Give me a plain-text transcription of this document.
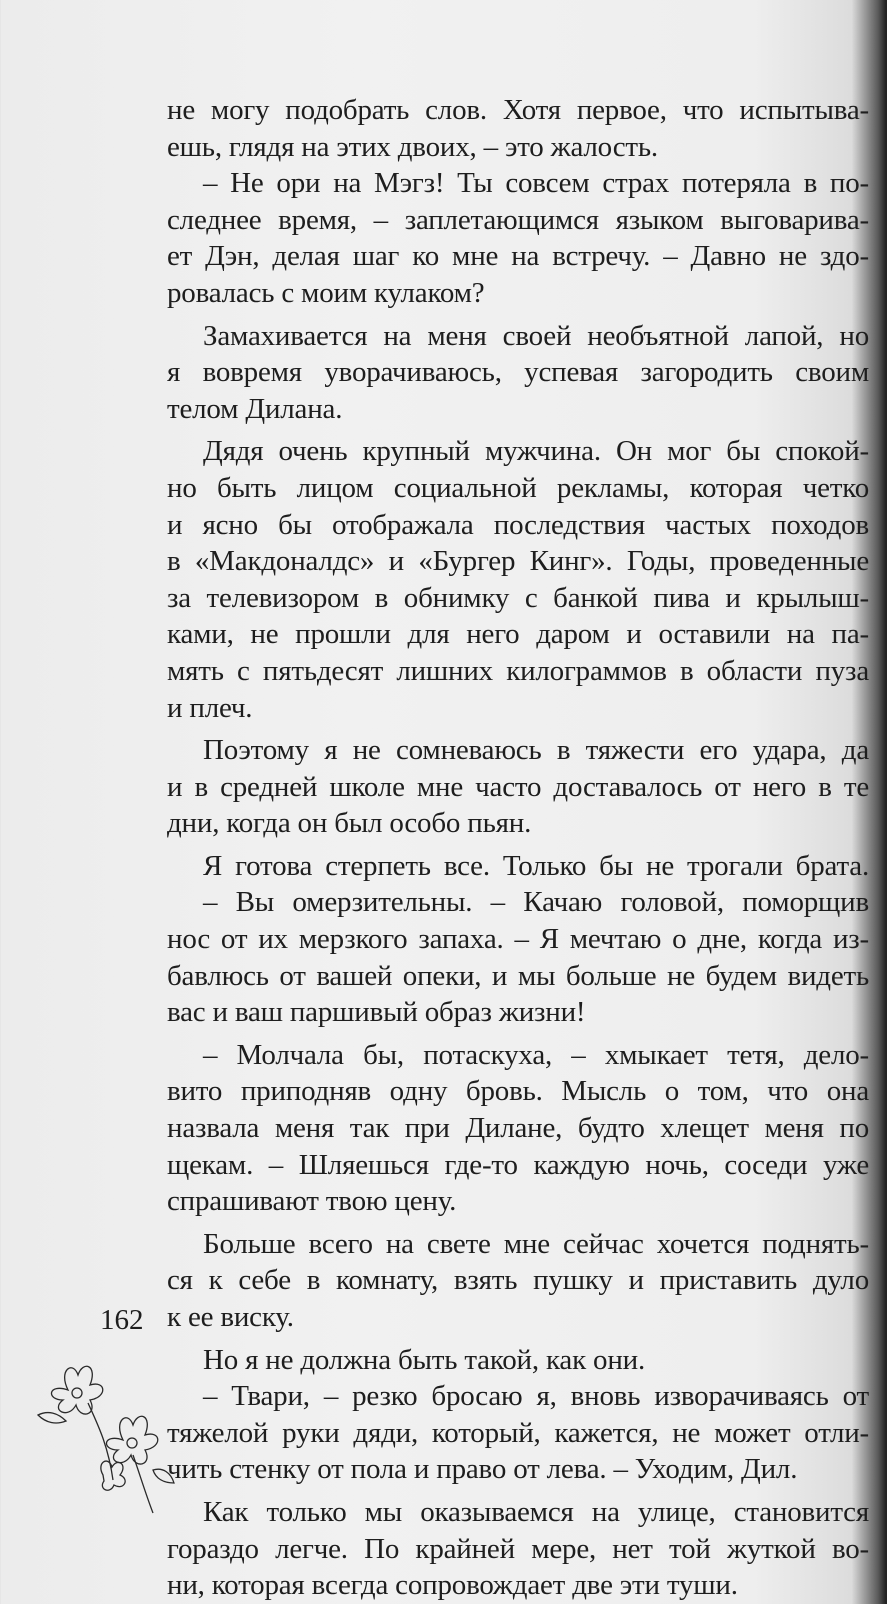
не могу подобрать слов. Хотя первое, что испытыва-
ешь, глядя на этих двоих, – это жалость.
– Не ори на Мэгз! Ты совсем страх потеряла в по-
следнее время, – заплетающимся языком выговарива-
ет Дэн, делая шаг ко мне на встречу. – Давно не здо-
ровалась с моим кулаком?
Замахивается на меня своей необъятной лапой, но
я вовремя уворачиваюсь, успевая загородить своим
телом Дилана.
Дядя очень крупный мужчина. Он мог бы спокой-
но быть лицом социальной рекламы, которая четко
и ясно бы отображала последствия частых походов
в «Макдоналдс» и «Бургер Кинг». Годы, проведенные
за телевизором в обнимку с банкой пива и крылыш-
ками, не прошли для него даром и оставили на па-
мять с пятьдесят лишних килограммов в области пуза
и плеч.
Поэтому я не сомневаюсь в тяжести его удара, да
и в средней школе мне часто доставалось от него в те
дни, когда он был особо пьян.
Я готова стерпеть все. Только бы не трогали брата.
– Вы омерзительны. – Качаю головой, поморщив
нос от их мерзкого запаха. – Я мечтаю о дне, когда из-
бавлюсь от вашей опеки, и мы больше не будем видеть
вас и ваш паршивый образ жизни!
– Молчала бы, потаскуха, – хмыкает тетя, дело-
вито приподняв одну бровь. Мысль о том, что она
назвала меня так при Дилане, будто хлещет меня по
щекам. – Шляешься где-то каждую ночь, соседи уже
спрашивают твою цену.
Больше всего на свете мне сейчас хочется поднять-
ся к себе в комнату, взять пушку и приставить дуло
к ее виску.
Но я не должна быть такой, как они.
– Твари, – резко бросаю я, вновь изворачиваясь от
тяжелой руки дяди, который, кажется, не может отли-
чить стенку от пола и право от лева. – Уходим, Дил.
Как только мы оказываемся на улице, становится
гораздо легче. По крайней мере, нет той жуткой во-
ни, которая всегда сопровождает две эти туши.
162
